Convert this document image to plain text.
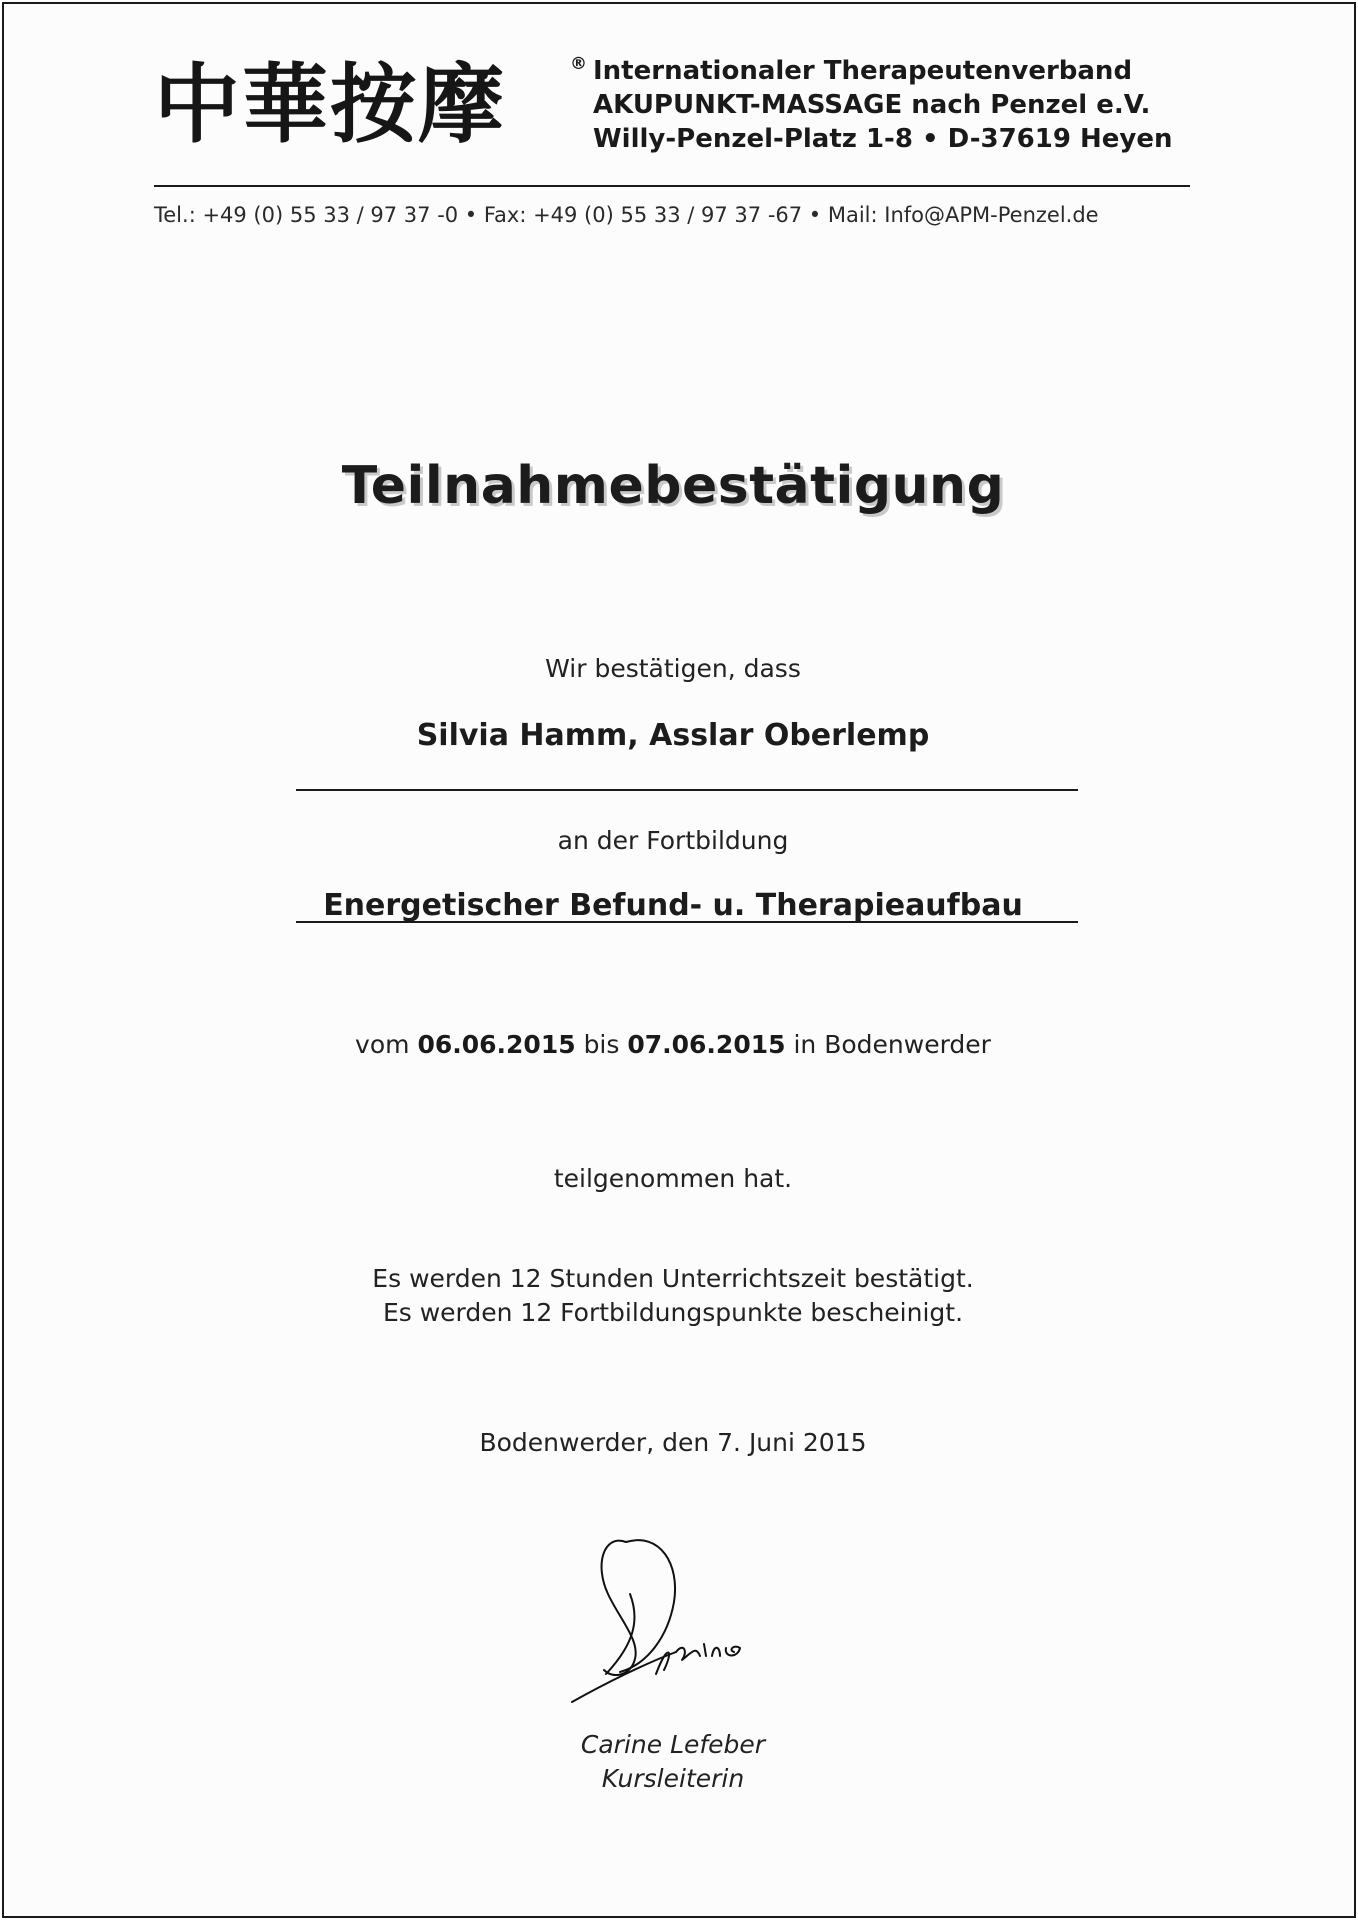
中華按摩	® Internationaler Therapeutenverband
AKUPUNKT-MASSAGE nach Penzel e.V.
Willy-Penzel-Platz 1-8 • D-37619 Heyen
Tel.: +49 (0) 55 33 / 97 37 -0 • Fax: +49 (0) 55 33 / 97 37 -67 • Mail: Info@APM-Penzel.de
Teilnahmebestätigung
Wir bestätigen, dass
Silvia Hamm, Asslar Oberlemp
an der Fortbildung
Energetischer Befund- u. Therapieaufbau
vom 06.06.2015 bis 07.06.2015 in Bodenwerder
teilgenommen hat.
Es werden 12 Stunden Unterrichtszeit bestätigt.
Es werden 12 Fortbildungspunkte bescheinigt.
Bodenwerder, den 7. Juni 2015
Carine Lefeber
Kursleiterin
